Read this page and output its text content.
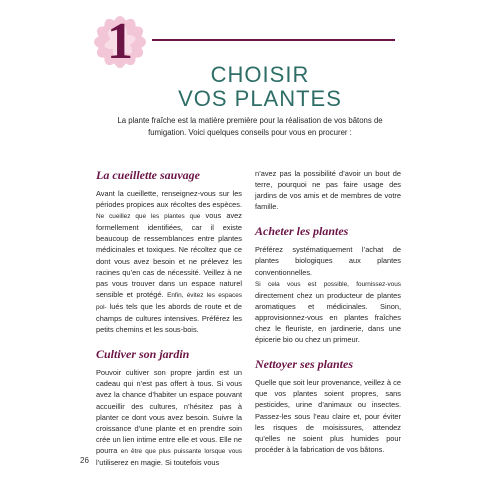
1
CHOISIR
VOS PLANTES
La plante fraîche est la matière première pour la réalisation de vos bâtons de fumigation. Voici quelques conseils pour vous en procurer :
La cueillette sauvage

Avant la cueillette, renseignez-vous sur les périodes propices aux récoltes des espèces. Ne cueillez que les plantes que vous avez formellement identifiées, car il existe beaucoup de ressemblances entre plantes médicinales et toxiques. Ne récoltez que ce dont vous avez besoin et ne prélevez les racines qu’en cas de nécessité. Veillez à ne pas vous trouver dans un espace naturel sensible et protégé. Enfin, évitez les espaces pol- lués tels que les abords de route et de champs de cultures intensives. Préférez les petits chemins et les sous-bois.

Cultiver son jardin

Pouvoir cultiver son propre jardin est un cadeau qui n’est pas offert à tous. Si vous avez la chance d’habiter un espace pouvant accueillir des cultures, n’hésitez pas à planter ce dont vous avez besoin. Suivre la croissance d’une plante et en prendre soin crée un lien intime entre elle et vous. Elle ne pourra en être que plus puissante lorsque vous l’utiliserez en magie. Si toutefois vous

n’avez pas la possibilité d’avoir un bout de terre, pourquoi ne pas faire usage des jardins de vos amis et de membres de votre famille.

Acheter les plantes

Préférez systématiquement l’achat de plantes biologiques aux plantes conventionnelles.

Si cela vous est possible, fournissez-vous directement chez un producteur de plantes aromatiques et médicinales. Sinon, approvisionnez-vous en plantes fraîches chez le fleuriste, en jardinerie, dans une épicerie bio ou chez un primeur.

Nettoyer ses plantes

Quelle que soit leur provenance, veillez à ce que vos plantes soient propres, sans pesticides, urine d’animaux ou insectes. Passez-les sous l’eau claire et, pour éviter les risques de moisissures, attendez qu’elles ne soient plus humides pour procéder à la fabrication de vos bâtons.

26
